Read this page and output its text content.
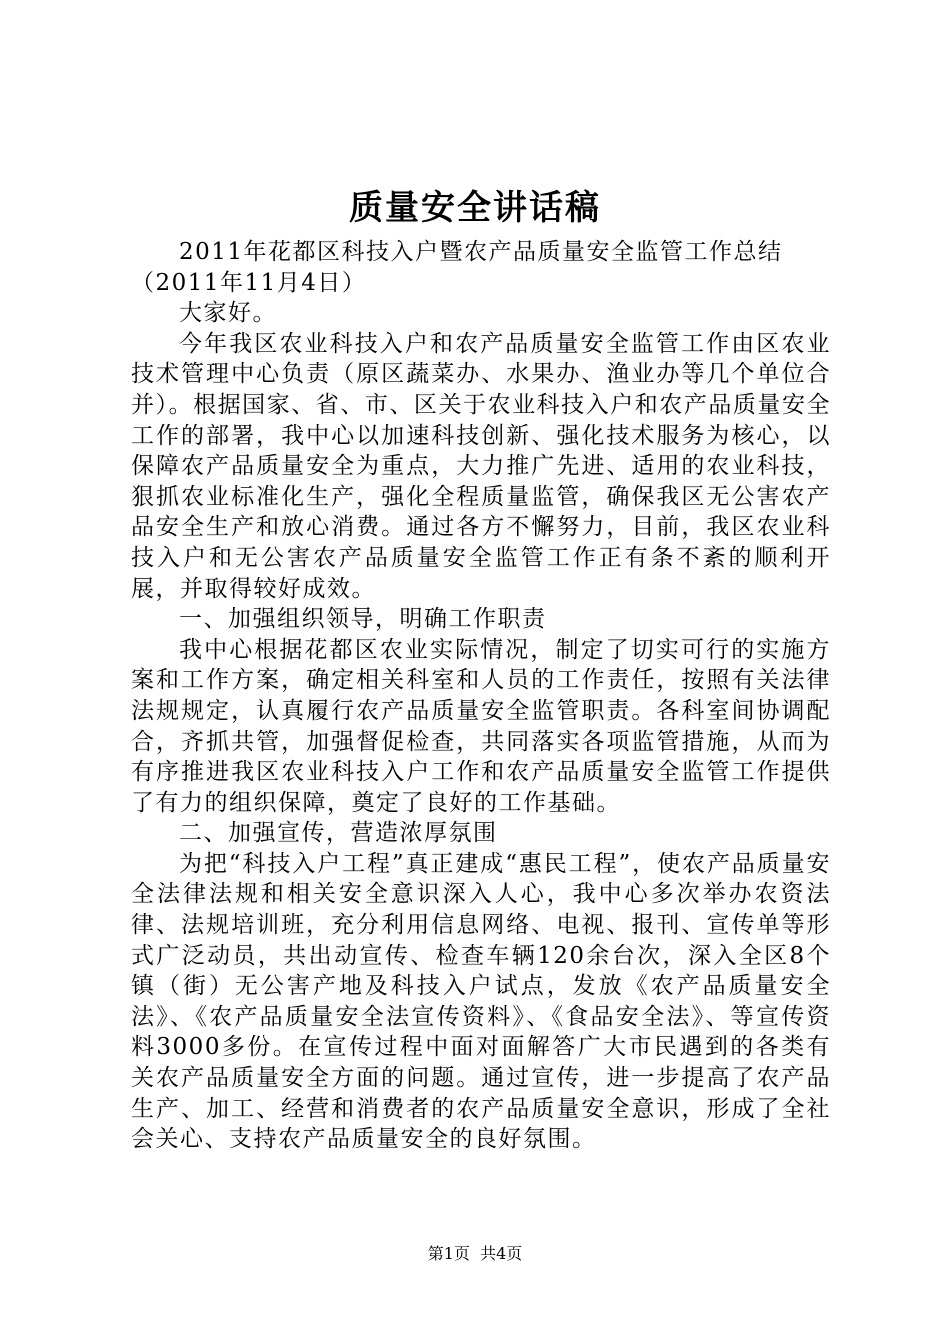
质量安全讲话稿

2011年花都区科技入户暨农产品质量安全监管工作总结

（2011年11月4日）

大家好。

今年我区农业科技入户和农产品质量安全监管工作由区农业技术管理中心负责（原区蔬菜办、水果办、渔业办等几个单位合并）。根据国家、省、市、区关于农业科技入户和农产品质量安全工作的部署，我中心以加速科技创新、强化技术服务为核心，以保障农产品质量安全为重点，大力推广先进、适用的农业科技，狠抓农业标准化生产，强化全程质量监管，确保我区无公害农产品安全生产和放心消费。通过各方不懈努力，目前，我区农业科技入户和无公害农产品质量安全监管工作正有条不紊的顺利开展，并取得较好成效。

一、加强组织领导，明确工作职责

我中心根据花都区农业实际情况，制定了切实可行的实施方案和工作方案，确定相关科室和人员的工作责任，按照有关法律法规规定，认真履行农产品质量安全监管职责。各科室间协调配合，齐抓共管，加强督促检查，共同落实各项监管措施，从而为有序推进我区农业科技入户工作和农产品质量安全监管工作提供了有力的组织保障，奠定了良好的工作基础。

二、加强宣传，营造浓厚氛围

为把“科技入户工程”真正建成“惠民工程”，使农产品质量安全法律法规和相关安全意识深入人心，我中心多次举办农资法律、法规培训班，充分利用信息网络、电视、报刊、宣传单等形式广泛动员，共出动宣传、检查车辆120余台次，深入全区8个镇（街）无公害产地及科技入户试点，发放《农产品质量安全法》、《农产品质量安全法宣传资料》、《食品安全法》、等宣传资料3000多份。在宣传过程中面对面解答广大市民遇到的各类有关农产品质量安全方面的问题。通过宣传，进一步提高了农产品生产、加工、经营和消费者的农产品质量安全意识，形成了全社会关心、支持农产品质量安全的良好氛围。

第1页 共4页
